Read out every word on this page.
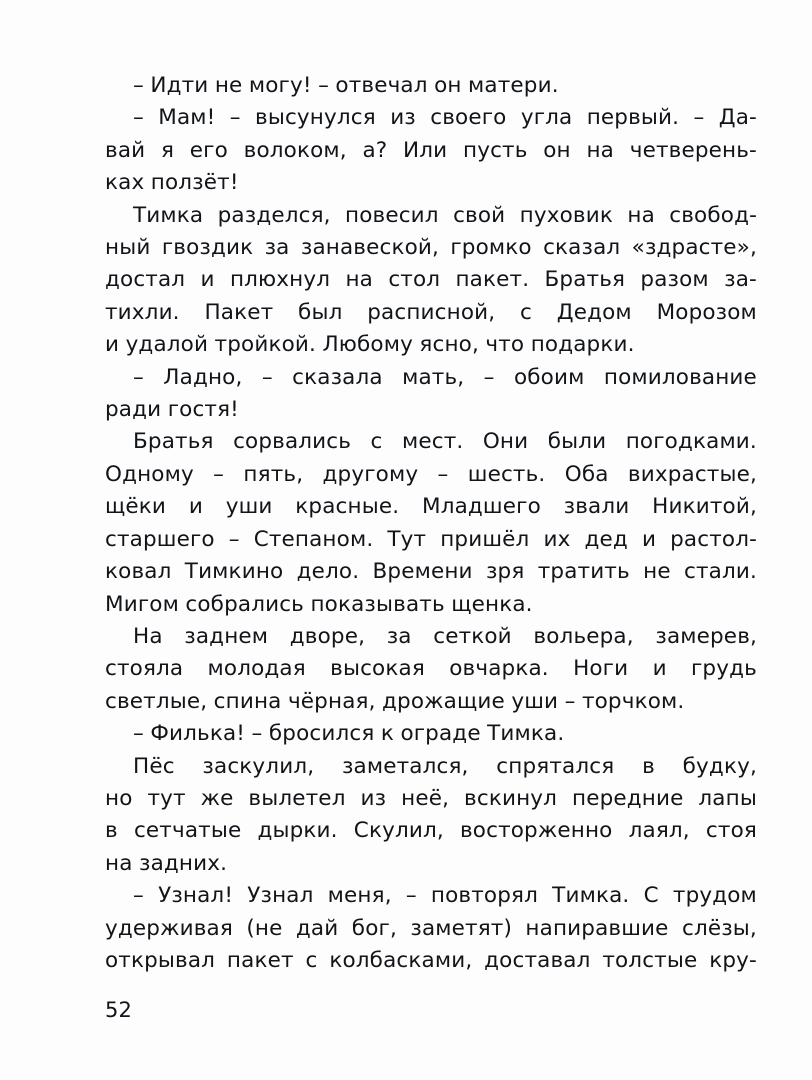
– Идти не могу! – отвечал он матери.

– Мам! – высунулся из своего угла первый. – Да-
вай я его волоком, а? Или пусть он на четверень-
ках ползёт!

Тимка разделся, повесил свой пуховик на свобод-
ный гвоздик за занавеской, громко сказал «здрасте»,
достал и плюхнул на стол пакет. Братья разом за-
тихли. Пакет был расписной, с Дедом Морозом
и удалой тройкой. Любому ясно, что подарки.

– Ладно, – сказала мать, – обоим помилование
ради гостя!

Братья сорвались с мест. Они были погодками.
Одному – пять, другому – шесть. Оба вихрастые,
щёки и уши красные. Младшего звали Никитой,
старшего – Степаном. Тут пришёл их дед и растол-
ковал Тимкино дело. Времени зря тратить не стали.
Мигом собрались показывать щенка.

На заднем дворе, за сеткой вольера, замерев,
стояла молодая высокая овчарка. Ноги и грудь
светлые, спина чёрная, дрожащие уши – торчком.

– Филька! – бросился к ограде Тимка.

Пёс заскулил, заметался, спрятался в будку,
но тут же вылетел из неё, вскинул передние лапы
в сетчатые дырки. Скулил, восторженно лаял, стоя
на задних.

– Узнал! Узнал меня, – повторял Тимка. С трудом
удерживая (не дай бог, заметят) напиравшие слёзы,
открывал пакет с колбасками, доставал толстые кру-

52
